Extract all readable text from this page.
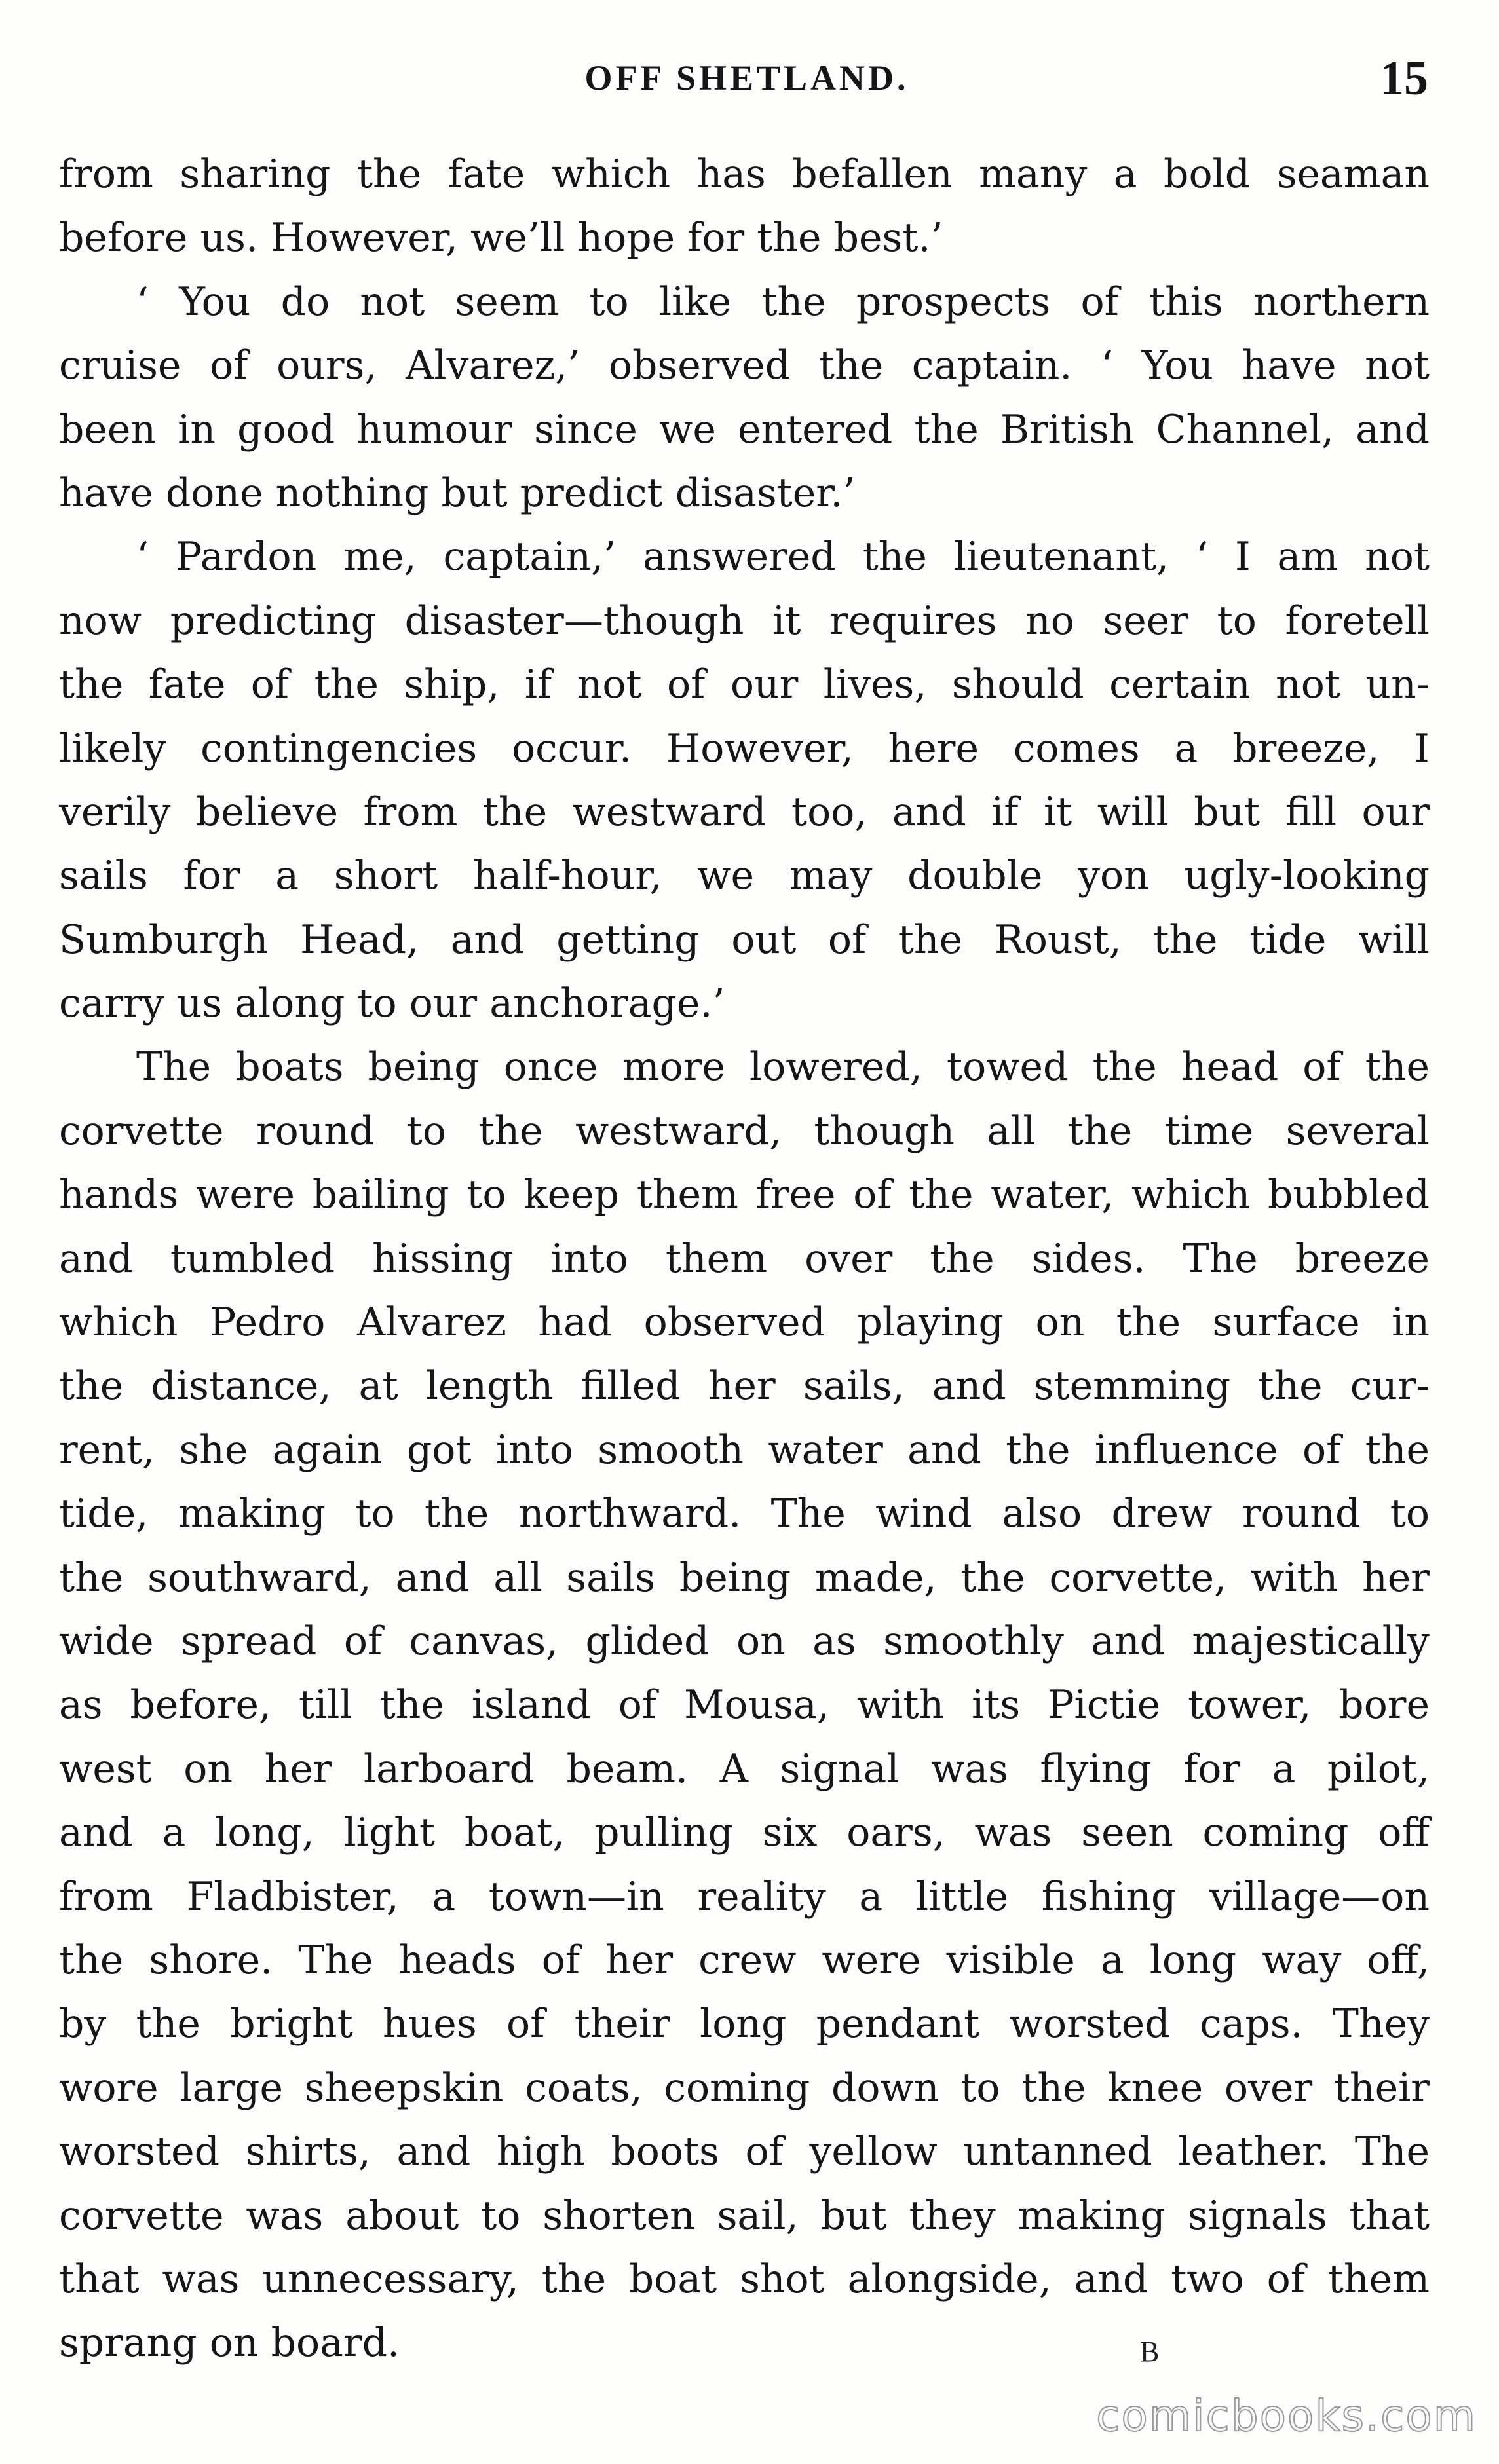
OFF SHETLAND.	15
from sharing the fate which has befallen many a bold seaman
before us. However, we’ll hope for the best.’
‘ You do not seem to like the prospects of this northern
cruise of ours, Alvarez,’ observed the captain. ‘ You have not
been in good humour since we entered the British Channel, and
have done nothing but predict disaster.’
‘ Pardon me, captain,’ answered the lieutenant, ‘ I am not
now predicting disaster—though it requires no seer to foretell
the fate of the ship, if not of our lives, should certain not un-
likely contingencies occur. However, here comes a breeze, I
verily believe from the westward too, and if it will but fill our
sails for a short half-hour, we may double yon ugly-looking
Sumburgh Head, and getting out of the Roust, the tide will
carry us along to our anchorage.’
The boats being once more lowered, towed the head of the
corvette round to the westward, though all the time several
hands were bailing to keep them free of the water, which bubbled
and tumbled hissing into them over the sides. The breeze
which Pedro Alvarez had observed playing on the surface in
the distance, at length filled her sails, and stemming the cur-
rent, she again got into smooth water and the influence of the
tide, making to the northward. The wind also drew round to
the southward, and all sails being made, the corvette, with her
wide spread of canvas, glided on as smoothly and majestically
as before, till the island of Mousa, with its Pictie tower, bore
west on her larboard beam. A signal was flying for a pilot,
and a long, light boat, pulling six oars, was seen coming off
from Fladbister, a town—in reality a little fishing village—on
the shore. The heads of her crew were visible a long way off,
by the bright hues of their long pendant worsted caps. They
wore large sheepskin coats, coming down to the knee over their
worsted shirts, and high boots of yellow untanned leather. The
corvette was about to shorten sail, but they making signals that
that was unnecessary, the boat shot alongside, and two of them
sprang on board.	B
comicbooks.com
